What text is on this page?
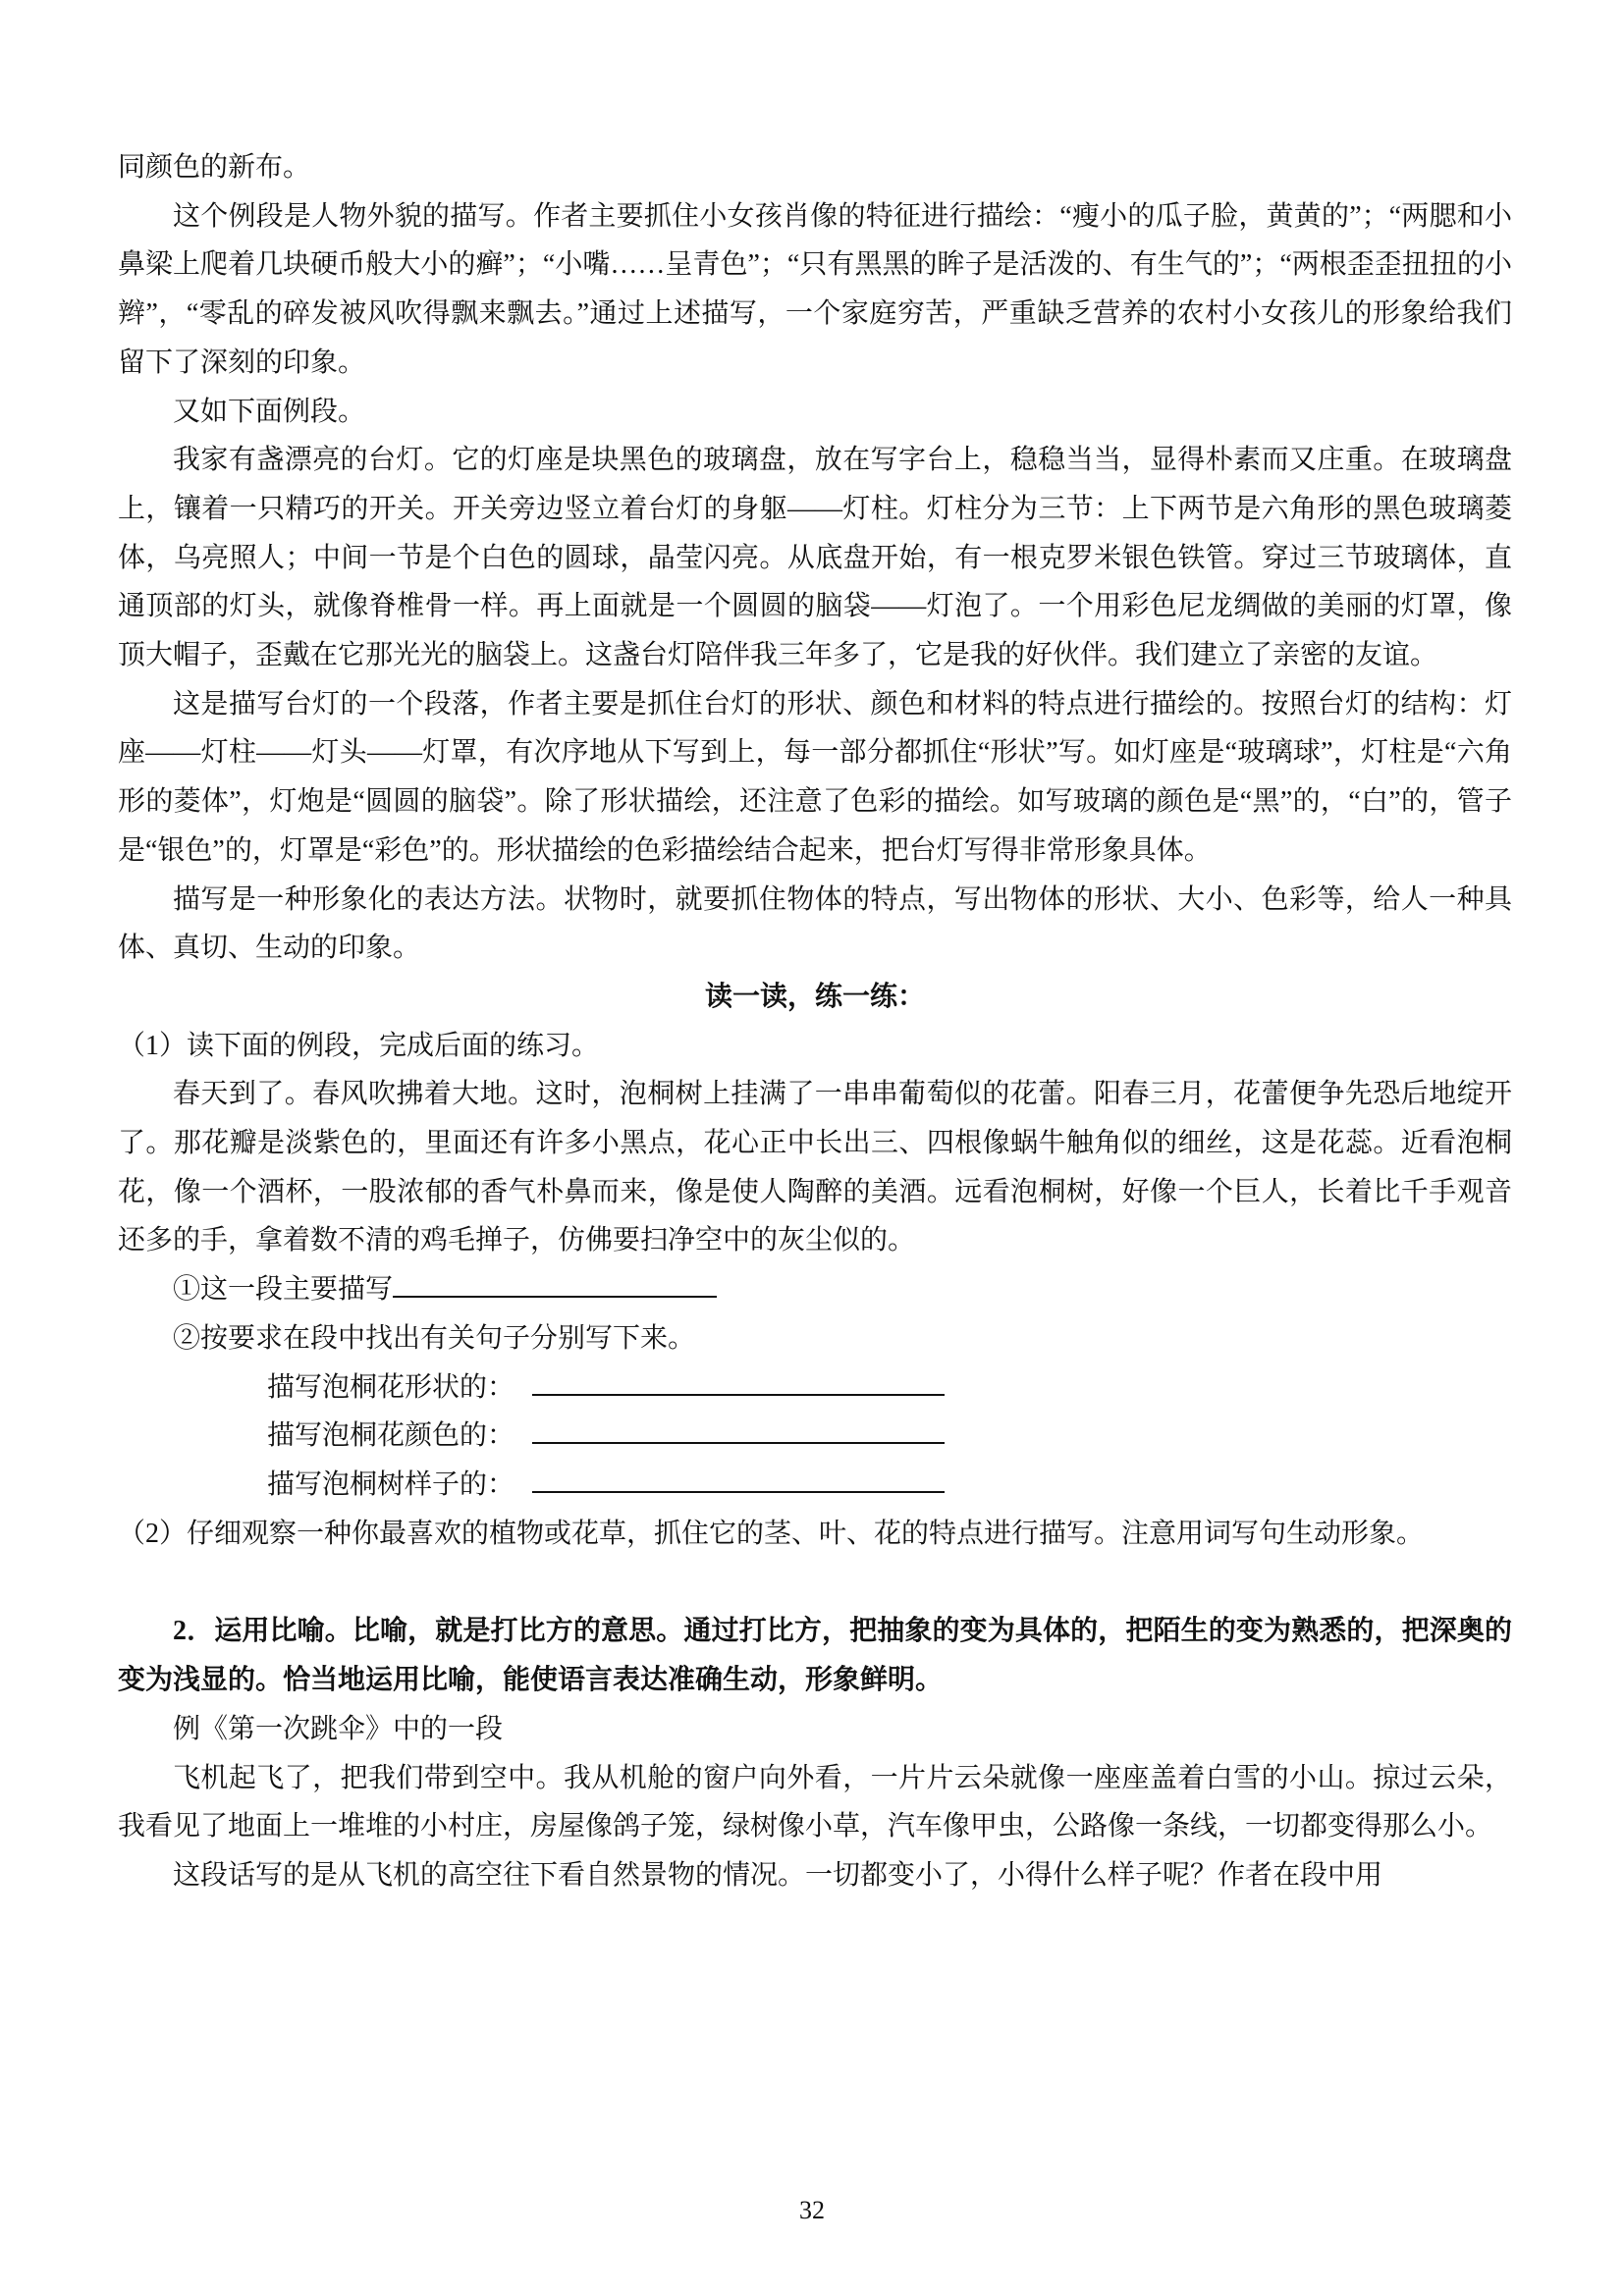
同颜色的新布。

这个例段是人物外貌的描写。作者主要抓住小女孩肖像的特征进行描绘：“瘦小的瓜子脸，黄黄的”；“两腮和小鼻梁上爬着几块硬币般大小的癣”；“小嘴……呈青色”；“只有黑黑的眸子是活泼的、有生气的”；“两根歪歪扭扭的小辫”，“零乱的碎发被风吹得飘来飘去。”通过上述描写，一个家庭穷苦，严重缺乏营养的农村小女孩儿的形象给我们留下了深刻的印象。

又如下面例段。

我家有盏漂亮的台灯。它的灯座是块黑色的玻璃盘，放在写字台上，稳稳当当，显得朴素而又庄重。在玻璃盘上，镶着一只精巧的开关。开关旁边竖立着台灯的身躯——灯柱。灯柱分为三节：上下两节是六角形的黑色玻璃菱体，乌亮照人；中间一节是个白色的圆球，晶莹闪亮。从底盘开始，有一根克罗米银色铁管。穿过三节玻璃体，直通顶部的灯头，就像脊椎骨一样。再上面就是一个圆圆的脑袋——灯泡了。一个用彩色尼龙绸做的美丽的灯罩，像顶大帽子，歪戴在它那光光的脑袋上。这盏台灯陪伴我三年多了，它是我的好伙伴。我们建立了亲密的友谊。

这是描写台灯的一个段落，作者主要是抓住台灯的形状、颜色和材料的特点进行描绘的。按照台灯的结构：灯座——灯柱——灯头——灯罩，有次序地从下写到上，每一部分都抓住“形状”写。如灯座是“玻璃球”，灯柱是“六角形的菱体”，灯炮是“圆圆的脑袋”。除了形状描绘，还注意了色彩的描绘。如写玻璃的颜色是“黑”的，“白”的，管子是“银色”的，灯罩是“彩色”的。形状描绘的色彩描绘结合起来，把台灯写得非常形象具体。

描写是一种形象化的表达方法。状物时，就要抓住物体的特点，写出物体的形状、大小、色彩等，给人一种具体、真切、生动的印象。

读一读，练一练：

（1）读下面的例段，完成后面的练习。

春天到了。春风吹拂着大地。这时，泡桐树上挂满了一串串葡萄似的花蕾。阳春三月，花蕾便争先恐后地绽开了。那花瓣是淡紫色的，里面还有许多小黑点，花心正中长出三、四根像蜗牛触角似的细丝，这是花蕊。近看泡桐花，像一个酒杯，一股浓郁的香气朴鼻而来，像是使人陶醉的美酒。远看泡桐树，好像一个巨人，长着比千手观音还多的手，拿着数不清的鸡毛掸子，仿佛要扫净空中的灰尘似的。

①这一段主要描写

②按要求在段中找出有关句子分别写下来。

描写泡桐花形状的：

描写泡桐花颜色的：

描写泡桐树样子的：

（2）仔细观察一种你最喜欢的植物或花草，抓住它的茎、叶、花的特点进行描写。注意用词写句生动形象。

2．运用比喻。比喻，就是打比方的意思。通过打比方，把抽象的变为具体的，把陌生的变为熟悉的，把深奥的变为浅显的。恰当地运用比喻，能使语言表达准确生动，形象鲜明。

例《第一次跳伞》中的一段

飞机起飞了，把我们带到空中。我从机舱的窗户向外看，一片片云朵就像一座座盖着白雪的小山。掠过云朵，我看见了地面上一堆堆的小村庄，房屋像鸽子笼，绿树像小草，汽车像甲虫，公路像一条线，一切都变得那么小。

这段话写的是从飞机的高空往下看自然景物的情况。一切都变小了，小得什么样子呢？作者在段中用

32
